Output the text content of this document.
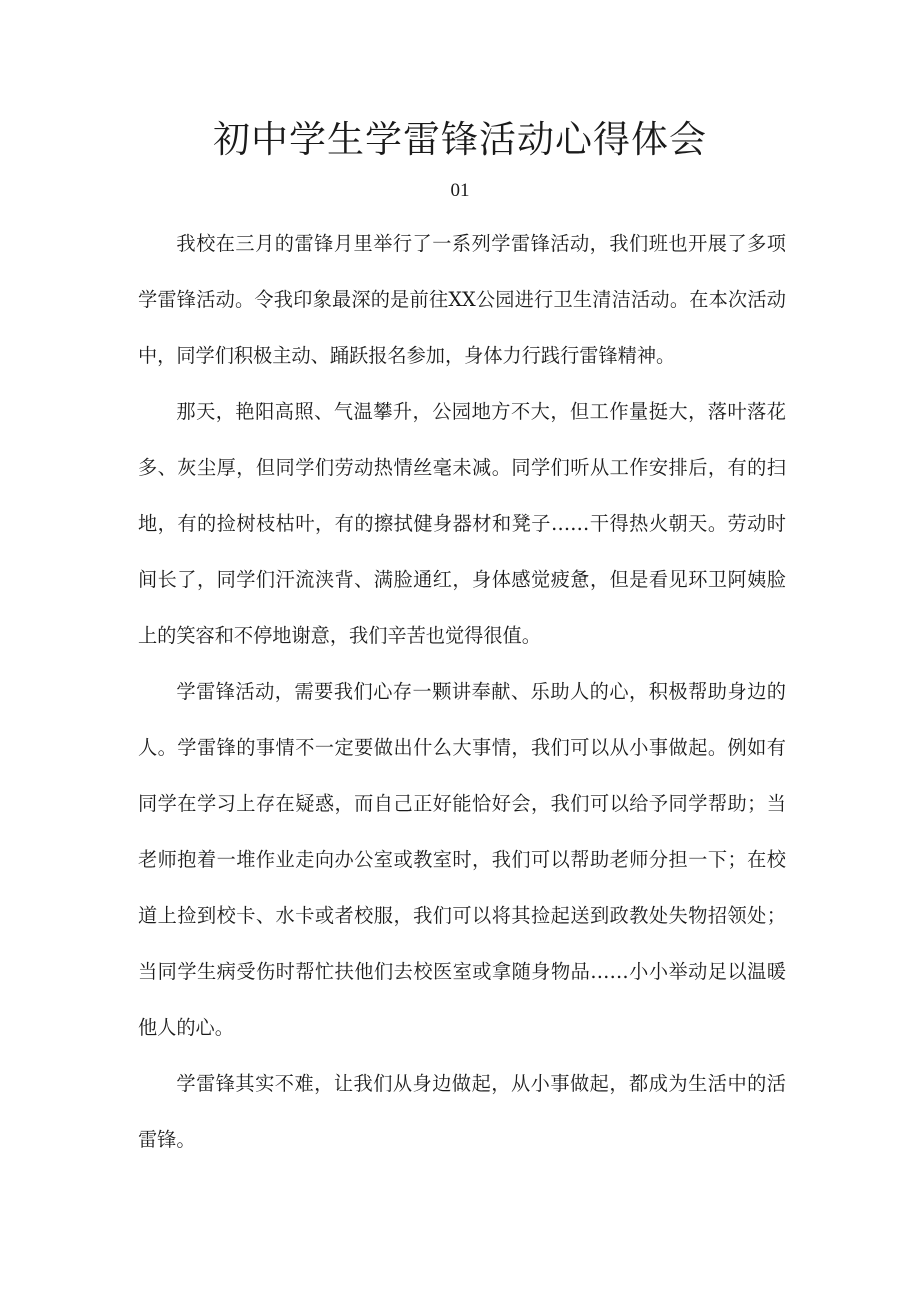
初中学生学雷锋活动心得体会
01

我校在三月的雷锋月里举行了一系列学雷锋活动，我们班也开展了多项学雷锋活动。令我印象最深的是前往XX公园进行卫生清洁活动。在本次活动中，同学们积极主动、踊跃报名参加，身体力行践行雷锋精神。

那天，艳阳高照、气温攀升，公园地方不大，但工作量挺大，落叶落花多、灰尘厚，但同学们劳动热情丝毫未减。同学们听从工作安排后，有的扫地，有的捡树枝枯叶，有的擦拭健身器材和凳子……干得热火朝天。劳动时间长了，同学们汗流浃背、满脸通红，身体感觉疲惫，但是看见环卫阿姨脸上的笑容和不停地谢意，我们辛苦也觉得很值。

学雷锋活动，需要我们心存一颗讲奉献、乐助人的心，积极帮助身边的人。学雷锋的事情不一定要做出什么大事情，我们可以从小事做起。例如有同学在学习上存在疑惑，而自己正好能恰好会，我们可以给予同学帮助；当老师抱着一堆作业走向办公室或教室时，我们可以帮助老师分担一下；在校道上捡到校卡、水卡或者校服，我们可以将其捡起送到政教处失物招领处；当同学生病受伤时帮忙扶他们去校医室或拿随身物品……小小举动足以温暖他人的心。

学雷锋其实不难，让我们从身边做起，从小事做起，都成为生活中的活雷锋。
